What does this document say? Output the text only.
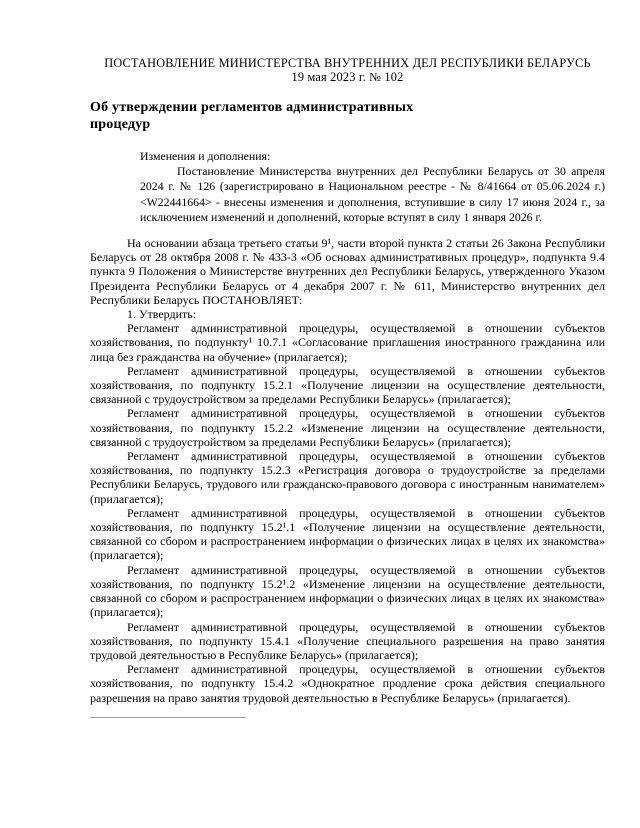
ПОСТАНОВЛЕНИЕ МИНИСТЕРСТВА ВНУТРЕННИХ ДЕЛ РЕСПУБЛИКИ БЕЛАРУСЬ
19 мая 2023 г. № 102
Об утверждении регламентов административных процедур
Изменения и дополнения:

Постановление Министерства внутренних дел Республики Беларусь от 30 апреля 2024 г. № 126 (зарегистрировано в Национальном реестре - № 8/41664 от 05.06.2024 г.) <W22441664> - внесены изменения и дополнения, вступившие в силу 17 июня 2024 г., за исключением изменений и дополнений, которые вступят в силу 1 января 2026 г.

На основании абзаца третьего статьи 9¹, части второй пункта 2 статьи 26 Закона Республики Беларусь от 28 октября 2008 г. № 433-З «Об основах административных процедур», подпункта 9.4 пункта 9 Положения о Министерстве внутренних дел Республики Беларусь, утвержденного Указом Президента Республики Беларусь от 4 декабря 2007 г. № 611, Министерство внутренних дел Республики Беларусь ПОСТАНОВЛЯЕТ:

1. Утвердить:

Регламент административной процедуры, осуществляемой в отношении субъектов хозяйствования, по подпункту¹ 10.7.1 «Согласование приглашения иностранного гражданина или лица без гражданства на обучение» (прилагается);

Регламент административной процедуры, осуществляемой в отношении субъектов хозяйствования, по подпункту 15.2.1 «Получение лицензии на осуществление деятельности, связанной с трудоустройством за пределами Республики Беларусь» (прилагается);

Регламент административной процедуры, осуществляемой в отношении субъектов хозяйствования, по подпункту 15.2.2 «Изменение лицензии на осуществление деятельности, связанной с трудоустройством за пределами Республики Беларусь» (прилагается);

Регламент административной процедуры, осуществляемой в отношении субъектов хозяйствования, по подпункту 15.2.3 «Регистрация договора о трудоустройстве за пределами Республики Беларусь, трудового или гражданско-правового договора с иностранным нанимателем» (прилагается);

Регламент административной процедуры, осуществляемой в отношении субъектов хозяйствования, по подпункту 15.2¹.1 «Получение лицензии на осуществление деятельности, связанной со сбором и распространением информации о физических лицах в целях их знакомства» (прилагается);

Регламент административной процедуры, осуществляемой в отношении субъектов хозяйствования, по подпункту 15.2¹.2 «Изменение лицензии на осуществление деятельности, связанной со сбором и распространением информации о физических лицах в целях их знакомства» (прилагается);

Регламент административной процедуры, осуществляемой в отношении субъектов хозяйствования, по подпункту 15.4.1 «Получение специального разрешения на право занятия трудовой деятельностью в Республике Беларусь» (прилагается);

Регламент административной процедуры, осуществляемой в отношении субъектов хозяйствования, по подпункту 15.4.2 «Однократное продление срока действия специального разрешения на право занятия трудовой деятельностью в Республике Беларусь» (прилагается).
